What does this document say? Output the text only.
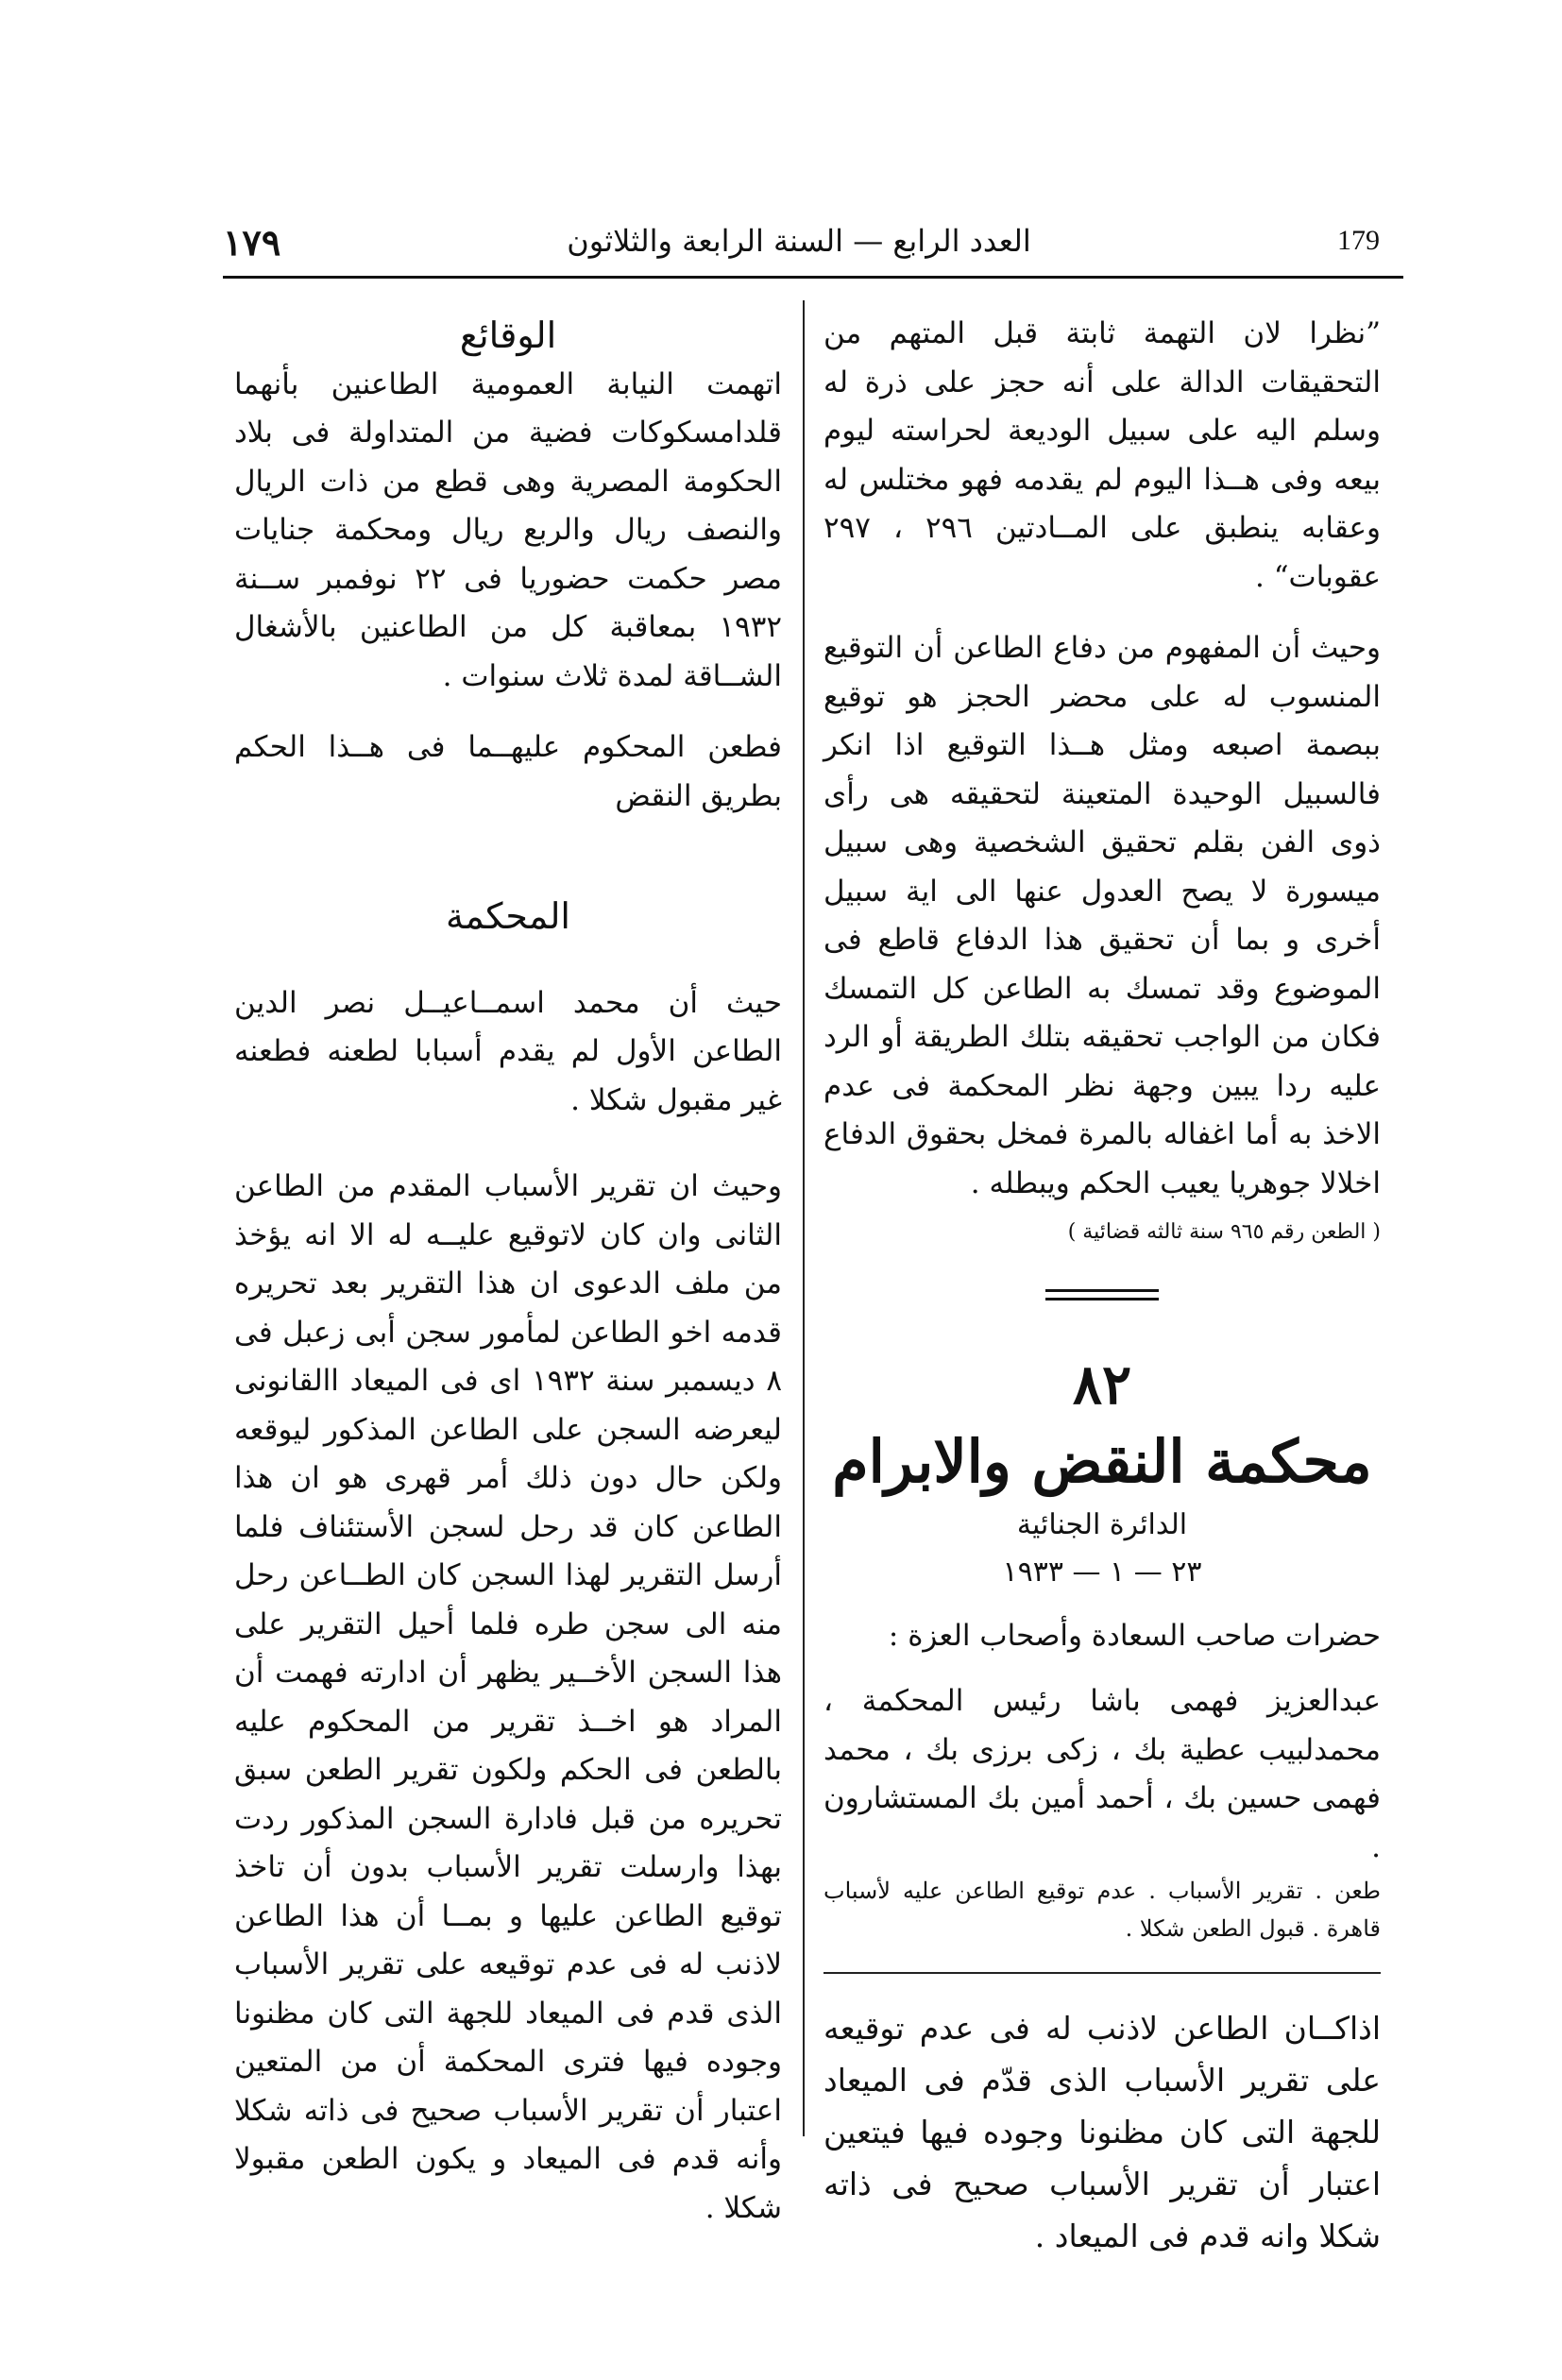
١٧٩	العدد الرابع — السنة الرابعة والثلاثون	179

”نظرا لان التهمة ثابتة قبل المتهم من التحقيقات الدالة على أنه حجز على ذرة له وسلم اليه على سبيل الوديعة لحراسته ليوم بيعه وفى هــذا اليوم لم يقدمه فهو مختلس له وعقابه ينطبق على المــادتين ٢٩٦ ، ٢٩٧ عقوبات“ .

وحيث أن المفهوم من دفاع الطاعن أن التوقيع المنسوب له على محضر الحجز هو توقيع ببصمة اصبعه ومثل هــذا التوقيع اذا انكر فالسبيل الوحيدة المتعينة لتحقيقه هى رأى ذوى الفن بقلم تحقيق الشخصية وهى سبيل ميسورة لا يصح العدول عنها الى اية سبيل أخرى و بما أن تحقيق هذا الدفاع قاطع فى الموضوع وقد تمسك به الطاعن كل التمسك فكان من الواجب تحقيقه بتلك الطريقة أو الرد عليه ردا يبين وجهة نظر المحكمة فى عدم الاخذ به أما اغفاله بالمرة فمخل بحقوق الدفاع اخلالا جوهريا يعيب الحكم ويبطله .

( الطعن رقم ٩٦٥ سنة ثالثه قضائية )

٨٢
محكمة النقض والابرام
الدائرة الجنائية
٢٣ — ١ — ١٩٣٣

حضرات صاحب السعادة وأصحاب العزة :

عبدالعزيز فهمى باشا رئيس المحكمة ، محمدلبيب عطية بك ، زكى برزى بك ، محمد فهمى حسين بك ، أحمد أمين بك المستشارون .

طعن . تقرير الأسباب . عدم توقيع الطاعن عليه لأسباب قاهرة . قبول الطعن شكلا .

اذاكــان الطاعن لاذنب له فى عدم توقيعه على تقرير الأسباب الذى قدّم فى الميعاد للجهة التى كان مظنونا وجوده فيها فيتعين اعتبار أن تقرير الأسباب صحيح فى ذاته شكلا وانه قدم فى الميعاد .

الوقائع

اتهمت النيابة العمومية الطاعنين بأنهما قلدامسكوكات فضية من المتداولة فى بلاد الحكومة المصرية وهى قطع من ذات الريال والنصف ريال والربع ريال ومحكمة جنايات مصر حكمت حضوريا فى ٢٢ نوفمبر ســنة ١٩٣٢ بمعاقبة كل من الطاعنين بالأشغال الشــاقة لمدة ثلاث سنوات .

فطعن المحكوم عليهــما فى هــذا الحكم بطريق النقض

المحكمة

حيث أن محمد اسمــاعيــل نصر الدين الطاعن الأول لم يقدم أسبابا لطعنه فطعنه غير مقبول شكلا .

وحيث ان تقرير الأسباب المقدم من الطاعن الثانى وان كان لاتوقيع عليــه له الا انه يؤخذ من ملف الدعوى ان هذا التقرير بعد تحريره قدمه اخو الطاعن لمأمور سجن أبى زعبل فى ٨ ديسمبر سنة ١٩٣٢ اى فى الميعاد االقانونى ليعرضه السجن على الطاعن المذكور ليوقعه ولكن حال دون ذلك أمر قهرى هو ان هذا الطاعن كان قد رحل لسجن الأستئناف فلما أرسل التقرير لهذا السجن كان الطــاعن رحل منه الى سجن طره فلما أحيل التقرير على هذا السجن الأخــير يظهر أن ادارته فهمت أن المراد هو اخــذ تقرير من المحكوم عليه بالطعن فى الحكم ولكون تقرير الطعن سبق تحريره من قبل فادارة السجن المذكور ردت بهذا وارسلت تقرير الأسباب بدون أن تاخذ توقيع الطاعن عليها و بمــا أن هذا الطاعن لاذنب له فى عدم توقيعه على تقرير الأسباب الذى قدم فى الميعاد للجهة التى كان مظنونا وجوده فيها فترى المحكمة أن من المتعين اعتبار أن تقرير الأسباب صحيح فى ذاته شكلا وأنه قدم فى الميعاد و يكون الطعن مقبولا شكلا .
